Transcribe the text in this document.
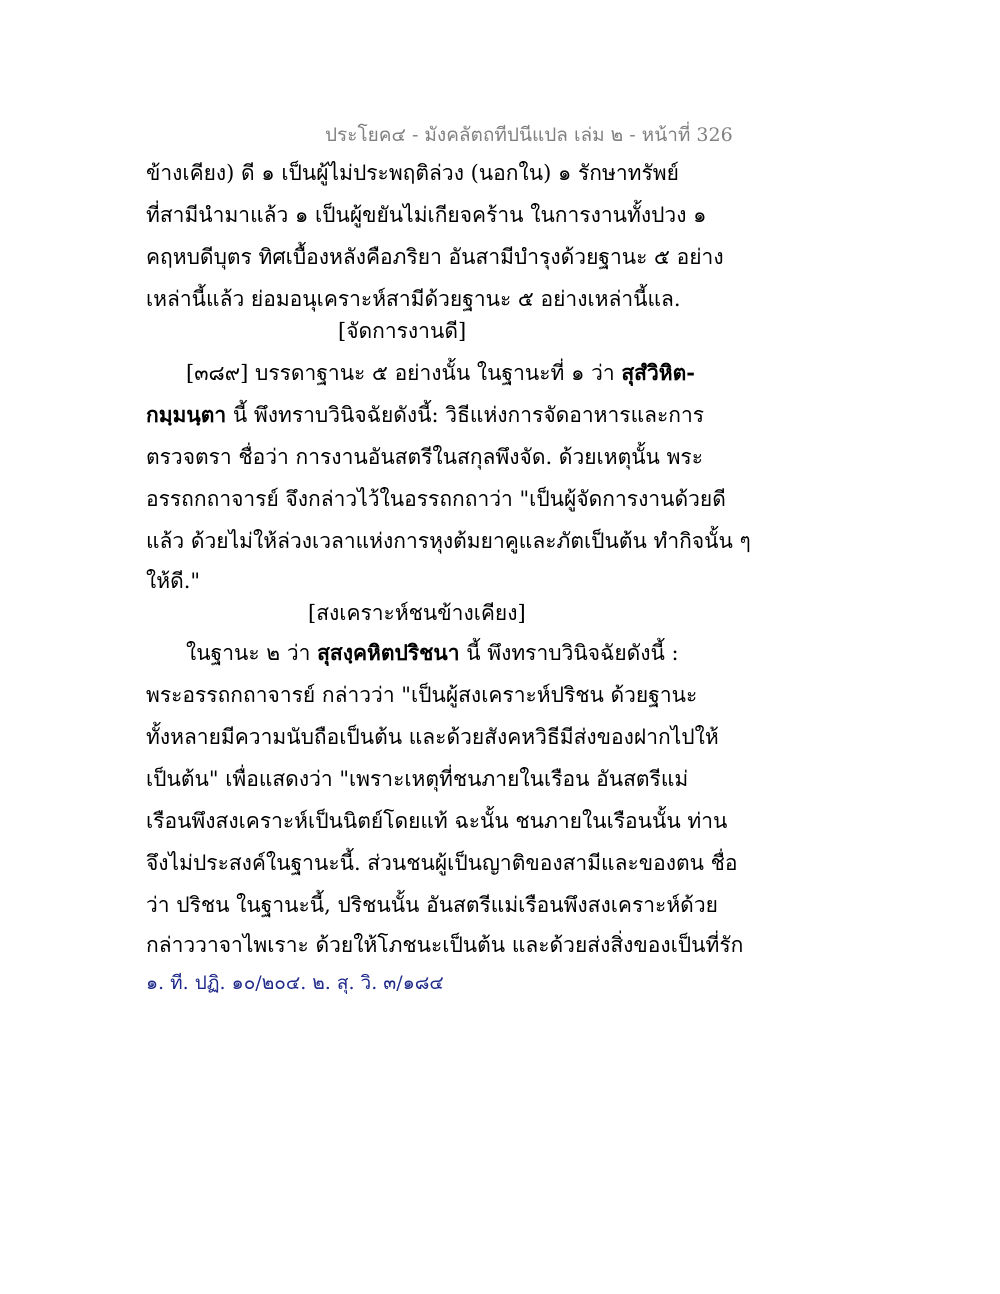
ประโยค๔ - มังคลัตถทีปนีแปล เล่ม ๒ - หน้าที่ 326
ข้างเคียง) ดี ๑ เป็นผู้ไม่ประพฤติล่วง (นอกใน) ๑ รักษาทรัพย์
ที่สามีนำมาแล้ว ๑ เป็นผู้ขยันไม่เกียจคร้าน ในการงานทั้งปวง ๑
คฤหบดีบุตร ทิศเบื้องหลังคือภริยา อันสามีบำรุงด้วยฐานะ ๕ อย่าง
เหล่านี้แล้ว ย่อมอนุเคราะห์สามีด้วยฐานะ ๕ อย่างเหล่านี้แล.
[จัดการงานดี]
[๓๘๙] บรรดาฐานะ ๕ อย่างนั้น ในฐานะที่ ๑ ว่า สุสํวิหิต-
กมฺมนฺตา นี้ พึงทราบวินิจฉัยดังนี้: วิธีแห่งการจัดอาหารและการ
ตรวจตรา ชื่อว่า การงานอันสตรีในสกุลพึงจัด. ด้วยเหตุนั้น พระ
อรรถกถาจารย์ จึงกล่าวไว้ในอรรถกถาว่า "เป็นผู้จัดการงานด้วยดี
แล้ว ด้วยไม่ให้ล่วงเวลาแห่งการหุงต้มยาคูและภัตเป็นต้น ทำกิจนั้น ๆ
ให้ดี."
[สงเคราะห์ชนข้างเคียง]
ในฐานะ ๒ ว่า สุสงฺคหิตปริชนา นี้ พึงทราบวินิจฉัยดังนี้ :
พระอรรถกถาจารย์ กล่าวว่า "เป็นผู้สงเคราะห์ปริชน ด้วยฐานะ
ทั้งหลายมีความนับถือเป็นต้น และด้วยสังคหวิธีมีส่งของฝากไปให้
เป็นต้น" เพื่อแสดงว่า "เพราะเหตุที่ชนภายในเรือน อันสตรีแม่
เรือนพึงสงเคราะห์เป็นนิตย์โดยแท้ ฉะนั้น ชนภายในเรือนนั้น ท่าน
จึงไม่ประสงค์ในฐานะนี้. ส่วนชนผู้เป็นญาติของสามีและของตน ชื่อ
ว่า ปริชน ในฐานะนี้, ปริชนนั้น อันสตรีแม่เรือนพึงสงเคราะห์ด้วย
กล่าววาจาไพเราะ ด้วยให้โภชนะเป็นต้น และด้วยส่งสิ่งของเป็นที่รัก
๑. ที. ปฏิ. ๑๐/๒๐๔. ๒. สุ. วิ. ๓/๑๘๔
